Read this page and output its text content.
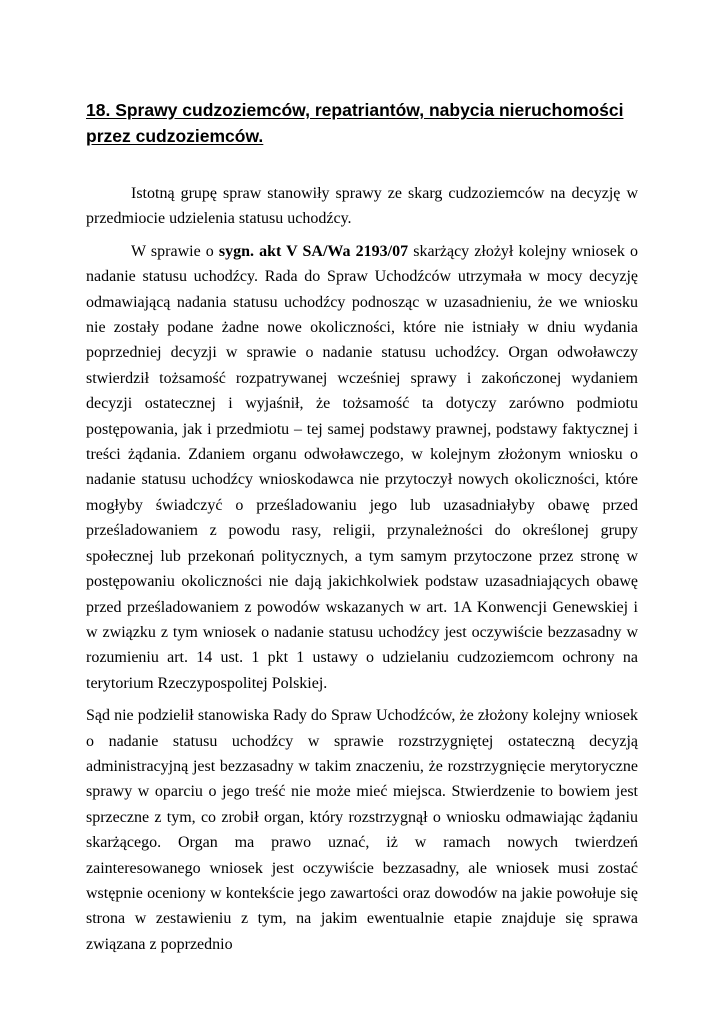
18. Sprawy cudzoziemców, repatriantów, nabycia nieruchomości
przez cudzoziemców.

Istotną grupę spraw stanowiły sprawy ze skarg cudzoziemców na decyzję w przedmiocie udzielenia statusu uchodźcy.

W sprawie o sygn. akt V SA/Wa 2193/07 skarżący złożył kolejny wniosek o nadanie statusu uchodźcy. Rada do Spraw Uchodźców utrzymała w mocy decyzję odmawiającą nadania statusu uchodźcy podnosząc w uzasadnieniu, że we wniosku nie zostały podane żadne nowe okoliczności, które nie istniały w dniu wydania poprzedniej decyzji w sprawie o nadanie statusu uchodźcy. Organ odwoławczy stwierdził tożsamość rozpatrywanej wcześniej sprawy i zakończonej wydaniem decyzji ostatecznej i wyjaśnił, że tożsamość ta dotyczy zarówno podmiotu postępowania, jak i przedmiotu – tej samej podstawy prawnej, podstawy faktycznej i treści żądania. Zdaniem organu odwoławczego, w kolejnym złożonym wniosku o nadanie statusu uchodźcy wnioskodawca nie przytoczył nowych okoliczności, które mogłyby świadczyć o prześladowaniu jego lub uzasadniałyby obawę przed prześladowaniem z powodu rasy, religii, przynależności do określonej grupy społecznej lub przekonań politycznych, a tym samym przytoczone przez stronę w postępowaniu okoliczności nie dają jakichkolwiek podstaw uzasadniających obawę przed prześladowaniem z powodów wskazanych w art. 1A Konwencji Genewskiej i w związku z tym wniosek o nadanie statusu uchodźcy jest oczywiście bezzasadny w rozumieniu art. 14 ust. 1 pkt 1 ustawy o udzielaniu cudzoziemcom ochrony na terytorium Rzeczypospolitej Polskiej.

Sąd nie podzielił stanowiska Rady do Spraw Uchodźców, że złożony kolejny wniosek o nadanie statusu uchodźcy w sprawie rozstrzygniętej ostateczną decyzją administracyjną jest bezzasadny w takim znaczeniu, że rozstrzygnięcie merytoryczne sprawy w oparciu o jego treść nie może mieć miejsca. Stwierdzenie to bowiem jest sprzeczne z tym, co zrobił organ, który rozstrzygnął o wniosku odmawiając żądaniu skarżącego. Organ ma prawo uznać, iż w ramach nowych twierdzeń zainteresowanego wniosek jest oczywiście bezzasadny, ale wniosek musi zostać wstępnie oceniony w kontekście jego zawartości oraz dowodów na jakie powołuje się strona w zestawieniu z tym, na jakim ewentualnie etapie znajduje się sprawa związana z poprzednio
